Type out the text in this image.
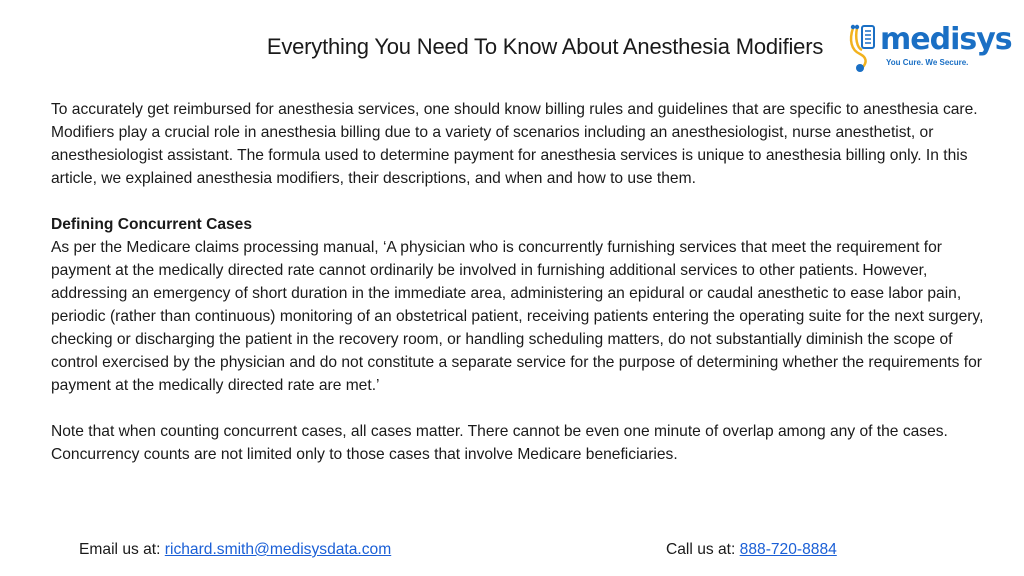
Everything You Need To Know About Anesthesia Modifiers	medisys
You Cure. We Secure.

To accurately get reimbursed for anesthesia services, one should know billing rules and guidelines that are specific to anesthesia care. Modifiers play a crucial role in anesthesia billing due to a variety of scenarios including an anesthesiologist, nurse anesthetist, or anesthesiologist assistant. The formula used to determine payment for anesthesia services is unique to anesthesia billing only. In this article, we explained anesthesia modifiers, their descriptions, and when and how to use them.

Defining Concurrent Cases
As per the Medicare claims processing manual, ‘A physician who is concurrently furnishing services that meet the requirement for payment at the medically directed rate cannot ordinarily be involved in furnishing additional services to other patients. However, addressing an emergency of short duration in the immediate area, administering an epidural or caudal anesthetic to ease labor pain, periodic (rather than continuous) monitoring of an obstetrical patient, receiving patients entering the operating suite for the next surgery, checking or discharging the patient in the recovery room, or handling scheduling matters, do not substantially diminish the scope of control exercised by the physician and do not constitute a separate service for the purpose of determining whether the requirements for payment at the medically directed rate are met.’

Note that when counting concurrent cases, all cases matter. There cannot be even one minute of overlap among any of the cases. Concurrency counts are not limited only to those cases that involve Medicare beneficiaries.

Email us at: richard.smith@medisysdata.com	Call us at: 888-720-8884
